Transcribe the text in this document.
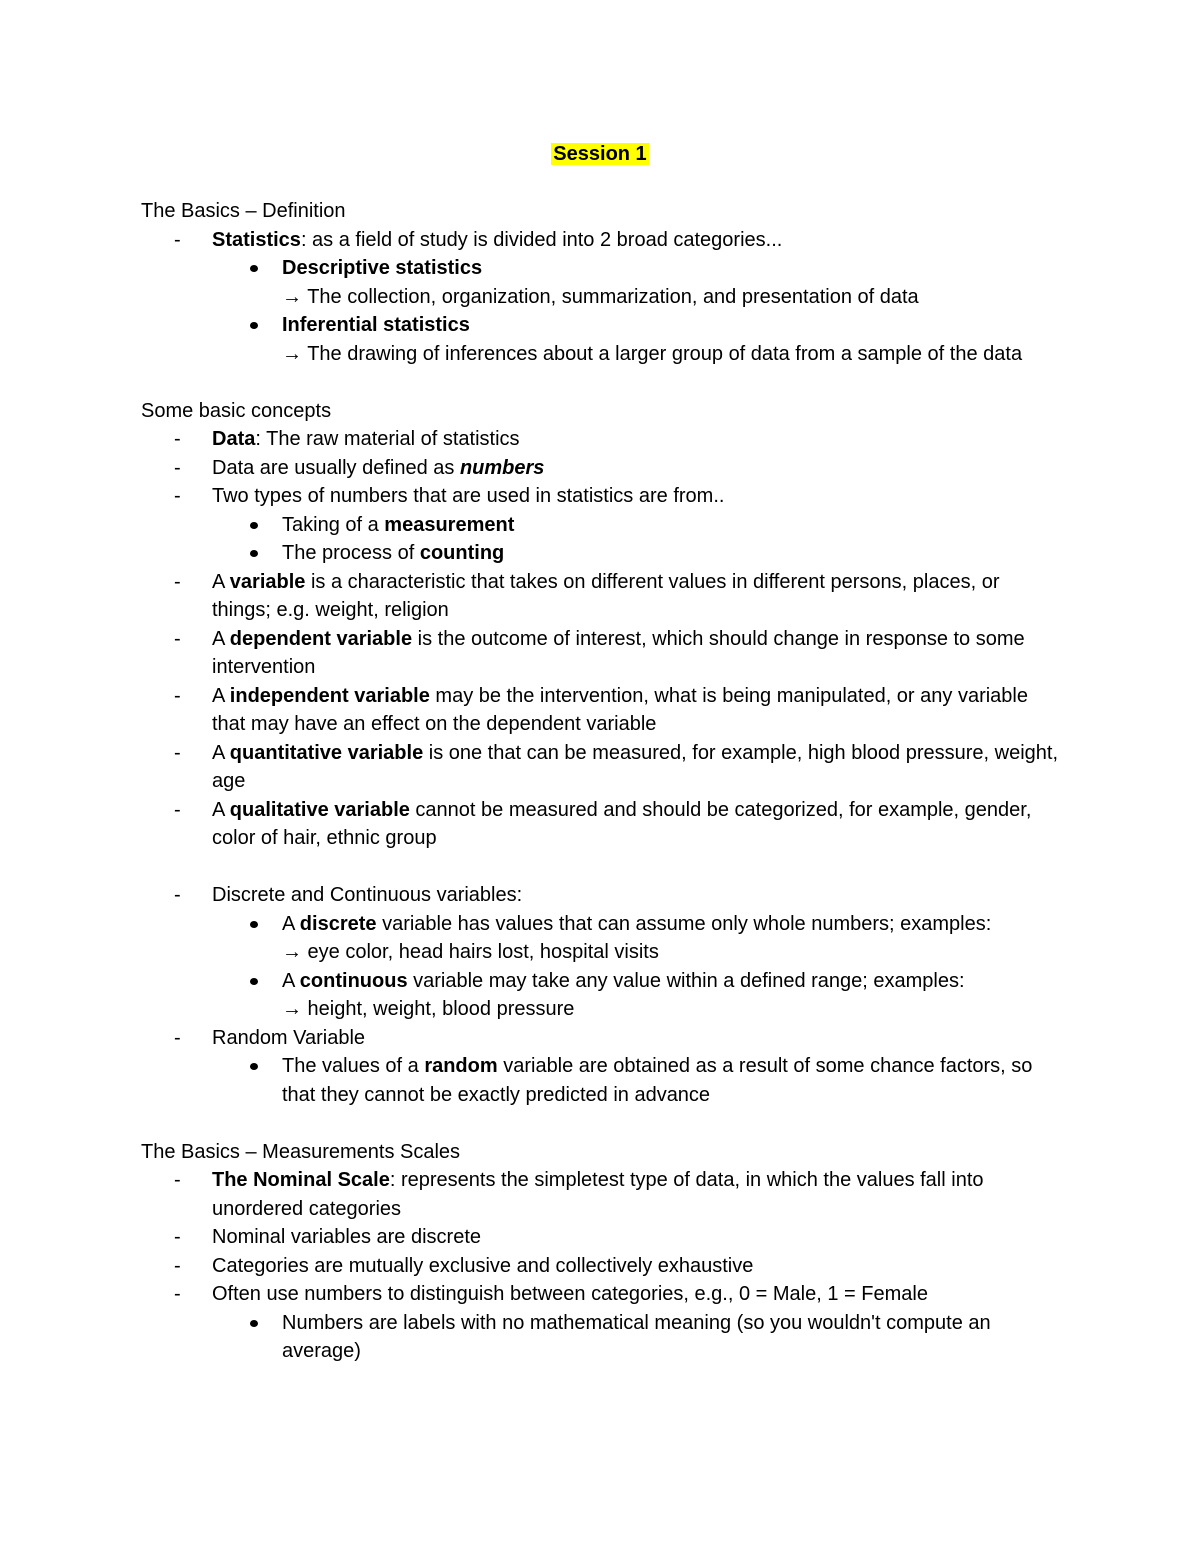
Session 1
The Basics – Definition
- Statistics: as a field of study is divided into 2 broad categories...
Descriptive statistics
→ The collection, organization, summarization, and presentation of data
Inferential statistics
→ The drawing of inferences about a larger group of data from a sample of the data
Some basic concepts
- Data: The raw material of statistics
- Data are usually defined as numbers
- Two types of numbers that are used in statistics are from..
Taking of a measurement
The process of counting
- A variable is a characteristic that takes on different values in different persons, places, or things; e.g. weight, religion
- A dependent variable is the outcome of interest, which should change in response to some intervention
- A independent variable may be the intervention, what is being manipulated, or any variable that may have an effect on the dependent variable
- A quantitative variable is one that can be measured, for example, high blood pressure, weight, age
- A qualitative variable cannot be measured and should be categorized, for example, gender, color of hair, ethnic group
- Discrete and Continuous variables:
A discrete variable has values that can assume only whole numbers; examples:
→ eye color, head hairs lost, hospital visits
A continuous variable may take any value within a defined range; examples:
→ height, weight, blood pressure
- Random Variable
The values of a random variable are obtained as a result of some chance factors, so that they cannot be exactly predicted in advance
The Basics – Measurements Scales
- The Nominal Scale: represents the simpletest type of data, in which the values fall into unordered categories
- Nominal variables are discrete
- Categories are mutually exclusive and collectively exhaustive
- Often use numbers to distinguish between categories, e.g., 0 = Male, 1 = Female
Numbers are labels with no mathematical meaning (so you wouldn't compute an average)
